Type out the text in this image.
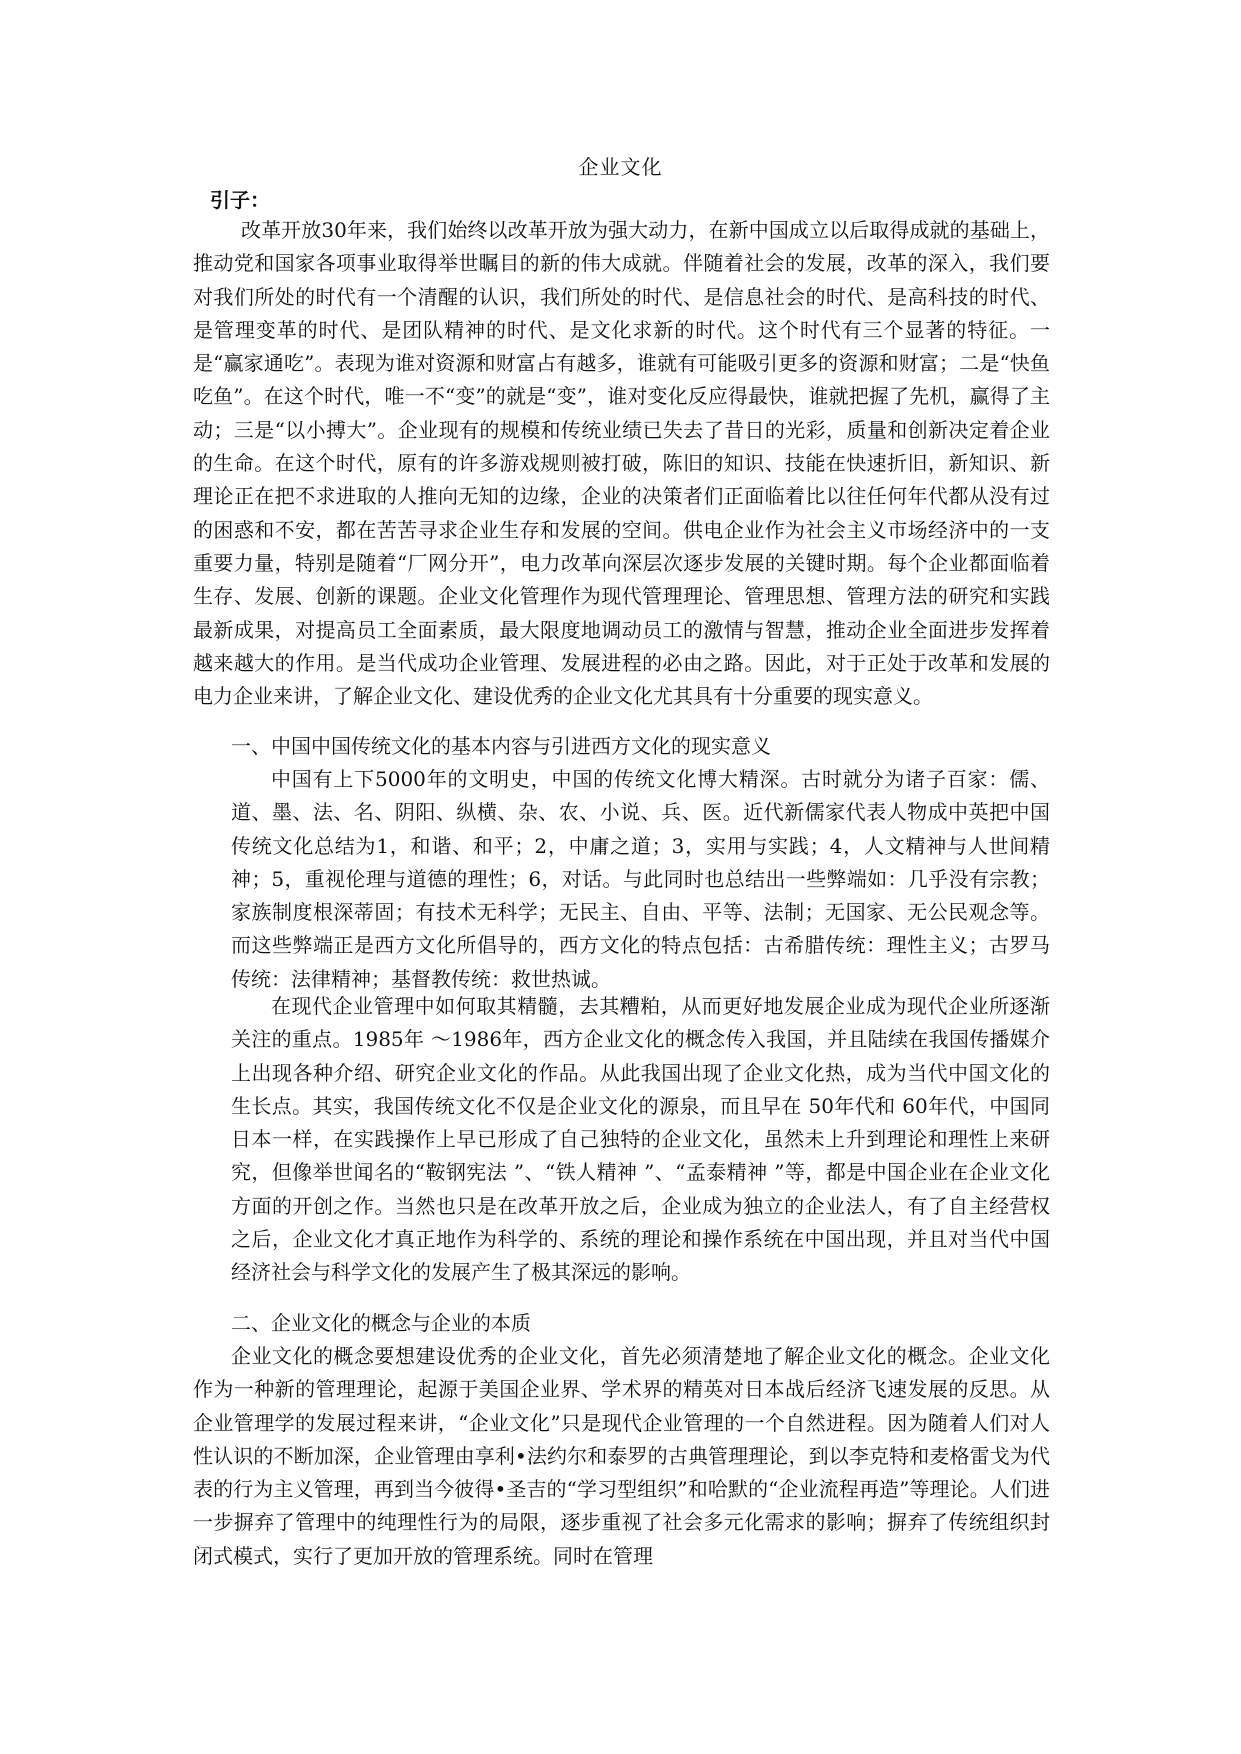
企业文化
引子：

改革开放30年来，我们始终以改革开放为强大动力，在新中国成立以后取得成就的基础上，推动党和国家各项事业取得举世瞩目的新的伟大成就。伴随着社会的发展，改革的深入，我们要对我们所处的时代有一个清醒的认识，我们所处的时代、是信息社会的时代、是高科技的时代、是管理变革的时代、是团队精神的时代、是文化求新的时代。这个时代有三个显著的特征。一是“赢家通吃”。表现为谁对资源和财富占有越多，谁就有可能吸引更多的资源和财富；二是“快鱼吃鱼”。在这个时代，唯一不“变”的就是“变”，谁对变化反应得最快，谁就把握了先机，赢得了主动；三是“以小搏大”。企业现有的规模和传统业绩已失去了昔日的光彩，质量和创新决定着企业的生命。在这个时代，原有的许多游戏规则被打破，陈旧的知识、技能在快速折旧，新知识、新理论正在把不求进取的人推向无知的边缘，企业的决策者们正面临着比以往任何年代都从没有过的困惑和不安，都在苦苦寻求企业生存和发展的空间。供电企业作为社会主义市场经济中的一支重要力量，特别是随着“厂网分开”，电力改革向深层次逐步发展的关键时期。每个企业都面临着生存、发展、创新的课题。企业文化管理作为现代管理理论、管理思想、管理方法的研究和实践最新成果，对提高员工全面素质，最大限度地调动员工的激情与智慧，推动企业全面进步发挥着越来越大的作用。是当代成功企业管理、发展进程的必由之路。因此，对于正处于改革和发展的电力企业来讲，了解企业文化、建设优秀的企业文化尤其具有十分重要的现实意义。

一、中国中国传统文化的基本内容与引进西方文化的现实意义

中国有上下5000年的文明史，中国的传统文化博大精深。古时就分为诸子百家：儒、道、墨、法、名、阴阳、纵横、杂、农、小说、兵、医。近代新儒家代表人物成中英把中国传统文化总结为1，和谐、和平；2，中庸之道；3，实用与实践；4，人文精神与人世间精神；5，重视伦理与道德的理性；6，对话。与此同时也总结出一些弊端如：几乎没有宗教；家族制度根深蒂固；有技术无科学；无民主、自由、平等、法制；无国家、无公民观念等。而这些弊端正是西方文化所倡导的，西方文化的特点包括：古希腊传统：理性主义；古罗马传统：法律精神；基督教传统：救世热诚。

在现代企业管理中如何取其精髓，去其糟粕，从而更好地发展企业成为现代企业所逐渐关注的重点。1985年 ～1986年，西方企业文化的概念传入我国，并且陆续在我国传播媒介上出现各种介绍、研究企业文化的作品。从此我国出现了企业文化热，成为当代中国文化的生长点。其实，我国传统文化不仅是企业文化的源泉，而且早在 50年代和 60年代，中国同日本一样，在实践操作上早已形成了自己独特的企业文化，虽然未上升到理论和理性上来研究，但像举世闻名的“鞍钢宪法 ”、“铁人精神 ”、“孟泰精神 ”等，都是中国企业在企业文化方面的开创之作。当然也只是在改革开放之后，企业成为独立的企业法人，有了自主经营权之后，企业文化才真正地作为科学的、系统的理论和操作系统在中国出现，并且对当代中国经济社会与科学文化的发展产生了极其深远的影响。

二、企业文化的概念与企业的本质

企业文化的概念要想建设优秀的企业文化，首先必须清楚地了解企业文化的概念。企业文化作为一种新的管理理论，起源于美国企业界、学术界的精英对日本战后经济飞速发展的反思。从企业管理学的发展过程来讲，“企业文化”只是现代企业管理的一个自然进程。因为随着人们对人性认识的不断加深，企业管理由享利•法约尔和泰罗的古典管理理论，到以李克特和麦格雷戈为代表的行为主义管理，再到当今彼得•圣吉的“学习型组织”和哈默的“企业流程再造”等理论。人们进一步摒弃了管理中的纯理性行为的局限，逐步重视了社会多元化需求的影响；摒弃了传统组织封闭式模式，实行了更加开放的管理系统。同时在管理
